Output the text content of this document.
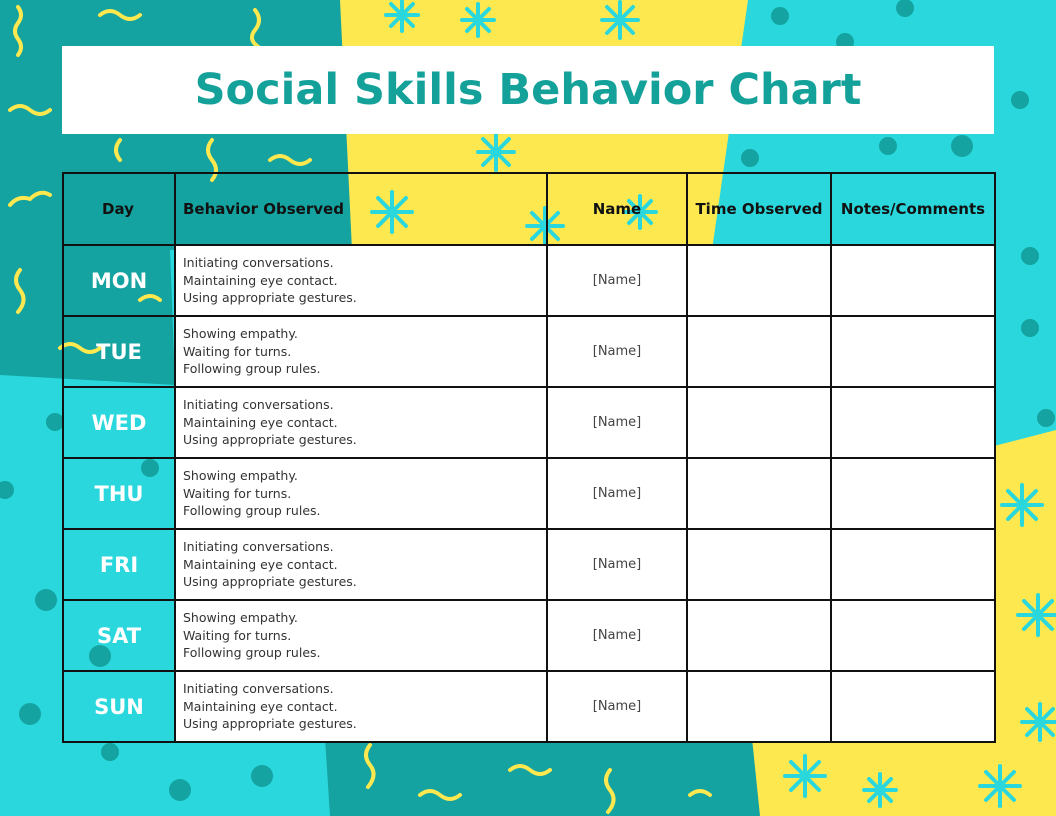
Social Skills Behavior Chart
Day	Behavior Observed	Name	Time Observed	Notes/Comments
MON	Initiating conversations.
Maintaining eye contact.
Using appropriate gestures.	[Name]		
TUE	Showing empathy.
Waiting for turns.
Following group rules.	[Name]		
WED	Initiating conversations.
Maintaining eye contact.
Using appropriate gestures.	[Name]		
THU	Showing empathy.
Waiting for turns.
Following group rules.	[Name]		
FRI	Initiating conversations.
Maintaining eye contact.
Using appropriate gestures.	[Name]		
SAT	Showing empathy.
Waiting for turns.
Following group rules.	[Name]		
SUN	Initiating conversations.
Maintaining eye contact.
Using appropriate gestures.	[Name]		
